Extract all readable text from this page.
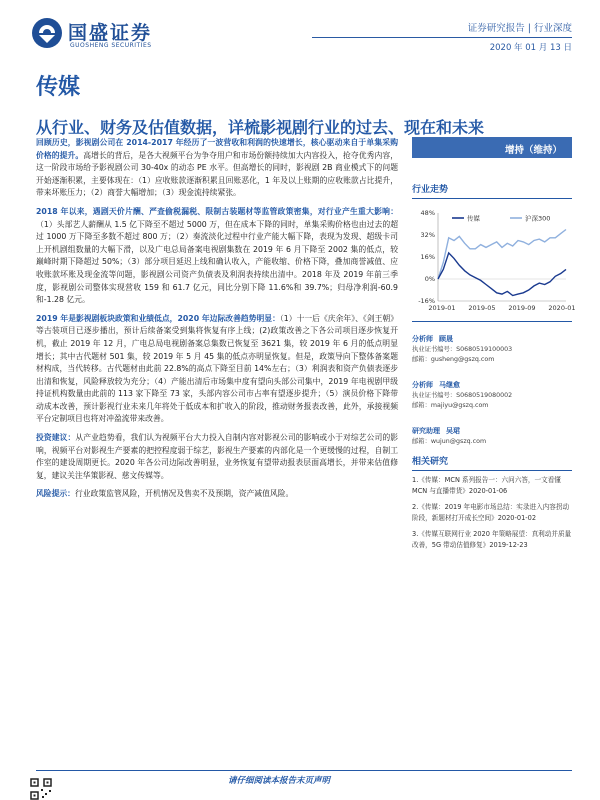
国盛证券
GUOSHENG SECURITIES
证券研究报告 | 行业深度
2020 年 01 月 13 日
传媒
从行业、财务及估值数据，详梳影视剧行业的过去、现在和未来

回顾历史，影视剧公司在 2014-2017 年经历了一波营收和利润的快速增长，核心驱动来自于单集采购价格的提升。高增长的背后，是各大视频平台为争夺用户和市场份额持续加大内容投入，抢夺优秀内容，这一阶段市场给予影视剧公司 30-40x 的动态 PE 水平。但高增长的同时，影视剧 2B 商业模式下的问题开始逐渐积累，主要体现在：（1）应收账款逐渐积累且回账恶化，1 年及以上账期的应收账款占比提升，带来坏账压力；（2）商誉大幅增加；（3）现金流持续紧张。

2018 年以来，遇剧天价片酬、严查偷税漏税、限制古装题材等监管政策密集，对行业产生重大影响：（1）头部艺人薪酬从 1.5 亿下降至不超过 5000 万，但在成本下降的同时，单集采购价格也由过去的超过 1000 万下降至多数不超过 800 万；（2）奏流淡化过程中行业产能大幅下降，表现为发现、超级卡司上开机剧组数量的大幅下滑，以及广电总局备案电视剧集数在 2019 年 6 月下降至 2002 集的低点，较巅峰时期下降超过 50%；（3）部分项目延迟上线和确认收入，产能收缩、价格下降，叠加商誉减值、应收账款坏账及现金流等问题，影视剧公司资产负债表及利润表持续出清中。2018 年及 2019 年前三季度，影视剧公司整体实现营收 159 和 61.7 亿元，同比分别下降 11.6%和 39.7%；归母净利润-60.9 和-1.28 亿元。

2019 年是影视剧板块政策和业绩低点，2020 年边际改善趋势明显：（1）十一后《庆余年》、《剑王朝》等古装项目已逐步播出，预计后续备案受到集将恢复有序上线；(2)政策改善之下各公司项目逐步恢复开机，截止 2019 年 12 月，广电总局电视剧备案总集数已恢复至 3621 集，较 2019 年 6 月的低点明显增长；其中古代题材 501 集，较 2019 年 5 月 45 集的低点亦明显恢复。但是，政策导向下整体备案题材构成，当代转移。古代题材由此前 22.8%的高点下降至目前 14%左右；（3）利润表和资产负债表逐步出清和恢复，风险释放较为充分；（4）产能出清后市场集中度有望向头部公司集中，2019 年电视剧甲级持证机构数量由此前的 113 家下降至 73 家，头部内容公司市占率有望逐步提升；（5）演员价格下降带动成本改善，预计影视行业未来几年将处于低成本和扩收入的阶段，推动财务报表改善，此外，承接视频平台定制项目也将对冲盈流带来改善。

投资建议：从产业趋势看，我们认为视频平台大力投入自制内容对影视公司的影响或小于对综艺公司的影响，视频平台对影视生产要素的把控程度弱于综艺，影视生产要素的内部化是一个更缓慢的过程，自制工作室的建设周期更长。2020 年各公司边际改善明显，业务恢复有望带动报表层面高增长，并带来估值修复，建议关注华策影视、慈文传媒等。

风险提示：行业政策监管风险，开机情况及售卖不及预期，资产减值风险。

增持（维持）
行业走势
48%
32%
16%
0%
-16%
2019-01 2019-05 2019-09 2020-01
传媒	沪深300
分析师 顾晟
执业证书编号：S0680519100003
邮箱：gusheng@gszq.com
分析师 马继愈
执业证书编号：S0680519080002
邮箱：majiyu@gszq.com
研究助理 吴珺
邮箱：wujun@gszq.com
相关研究
1.《传媒：MCN 系列报告一：六问六答，一文看懂 MCN 与直播带货》2020-01-06
2.《传媒：2019 年电影市场总结：实录进入内容拐动阶段，新题材打开成长空间》2020-01-02
3.《传媒互联网行业 2020 年策略展望：真利动并质量改善，5G 带动估值修复》2019-12-23
请仔细阅读本报告末页声明
